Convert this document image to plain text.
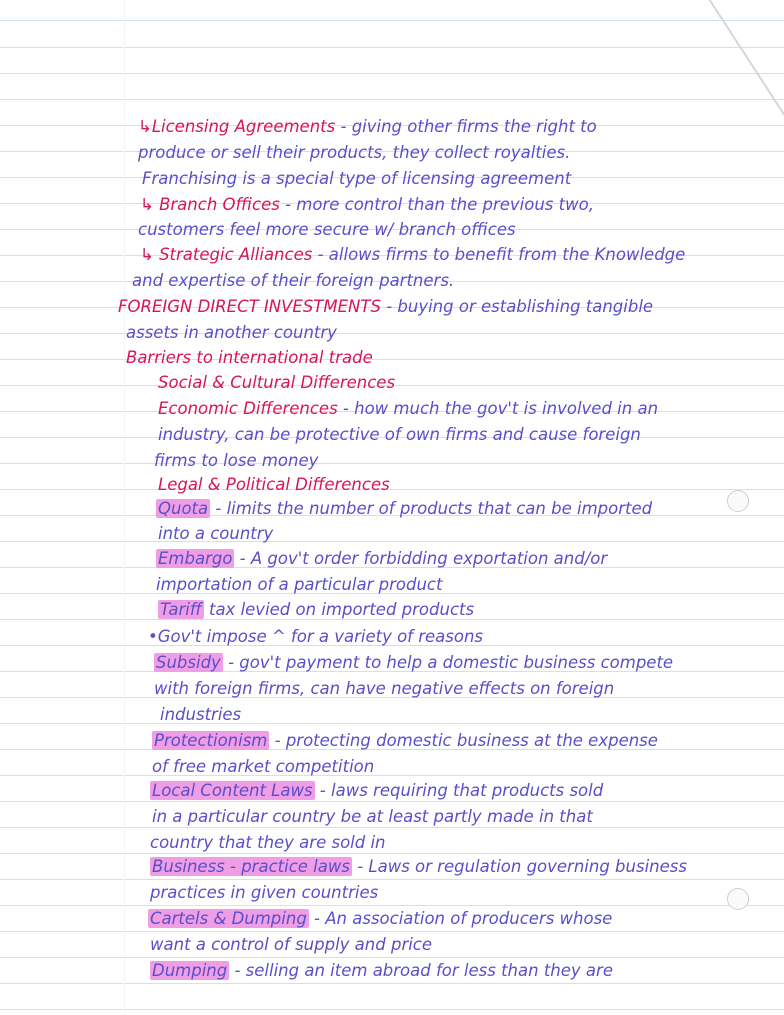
↳Licensing Agreements - giving other firms the right to
produce or sell their products, they collect royalties.
Franchising is a special type of licensing agreement
↳ Branch Offices - more control than the previous two,
customers feel more secure w/ branch offices
↳ Strategic Alliances - allows firms to benefit from the Knowledge
and expertise of their foreign partners.
FOREIGN DIRECT INVESTMENTS - buying or establishing tangible
assets in another country
Barriers to international trade
Social & Cultural Differences
Economic Differences - how much the gov't is involved in an
industry, can be protective of own firms and cause foreign
firms to lose money
Legal & Political Differences
Quota - limits the number of products that can be imported
into a country
Embargo - A gov't order forbidding exportation and/or
importation of a particular product
Tariff tax levied on imported products
•Gov't impose ^ for a variety of reasons
Subsidy - gov't payment to help a domestic business compete
with foreign firms, can have negative effects on foreign
industries
Protectionism - protecting domestic business at the expense
of free market competition
Local Content Laws - laws requiring that products sold
in a particular country be at least partly made in that
country that they are sold in
Business - practice laws - Laws or regulation governing business
practices in given countries
Cartels & Dumping - An association of producers whose
want a control of supply and price
Dumping - selling an item abroad for less than they are
